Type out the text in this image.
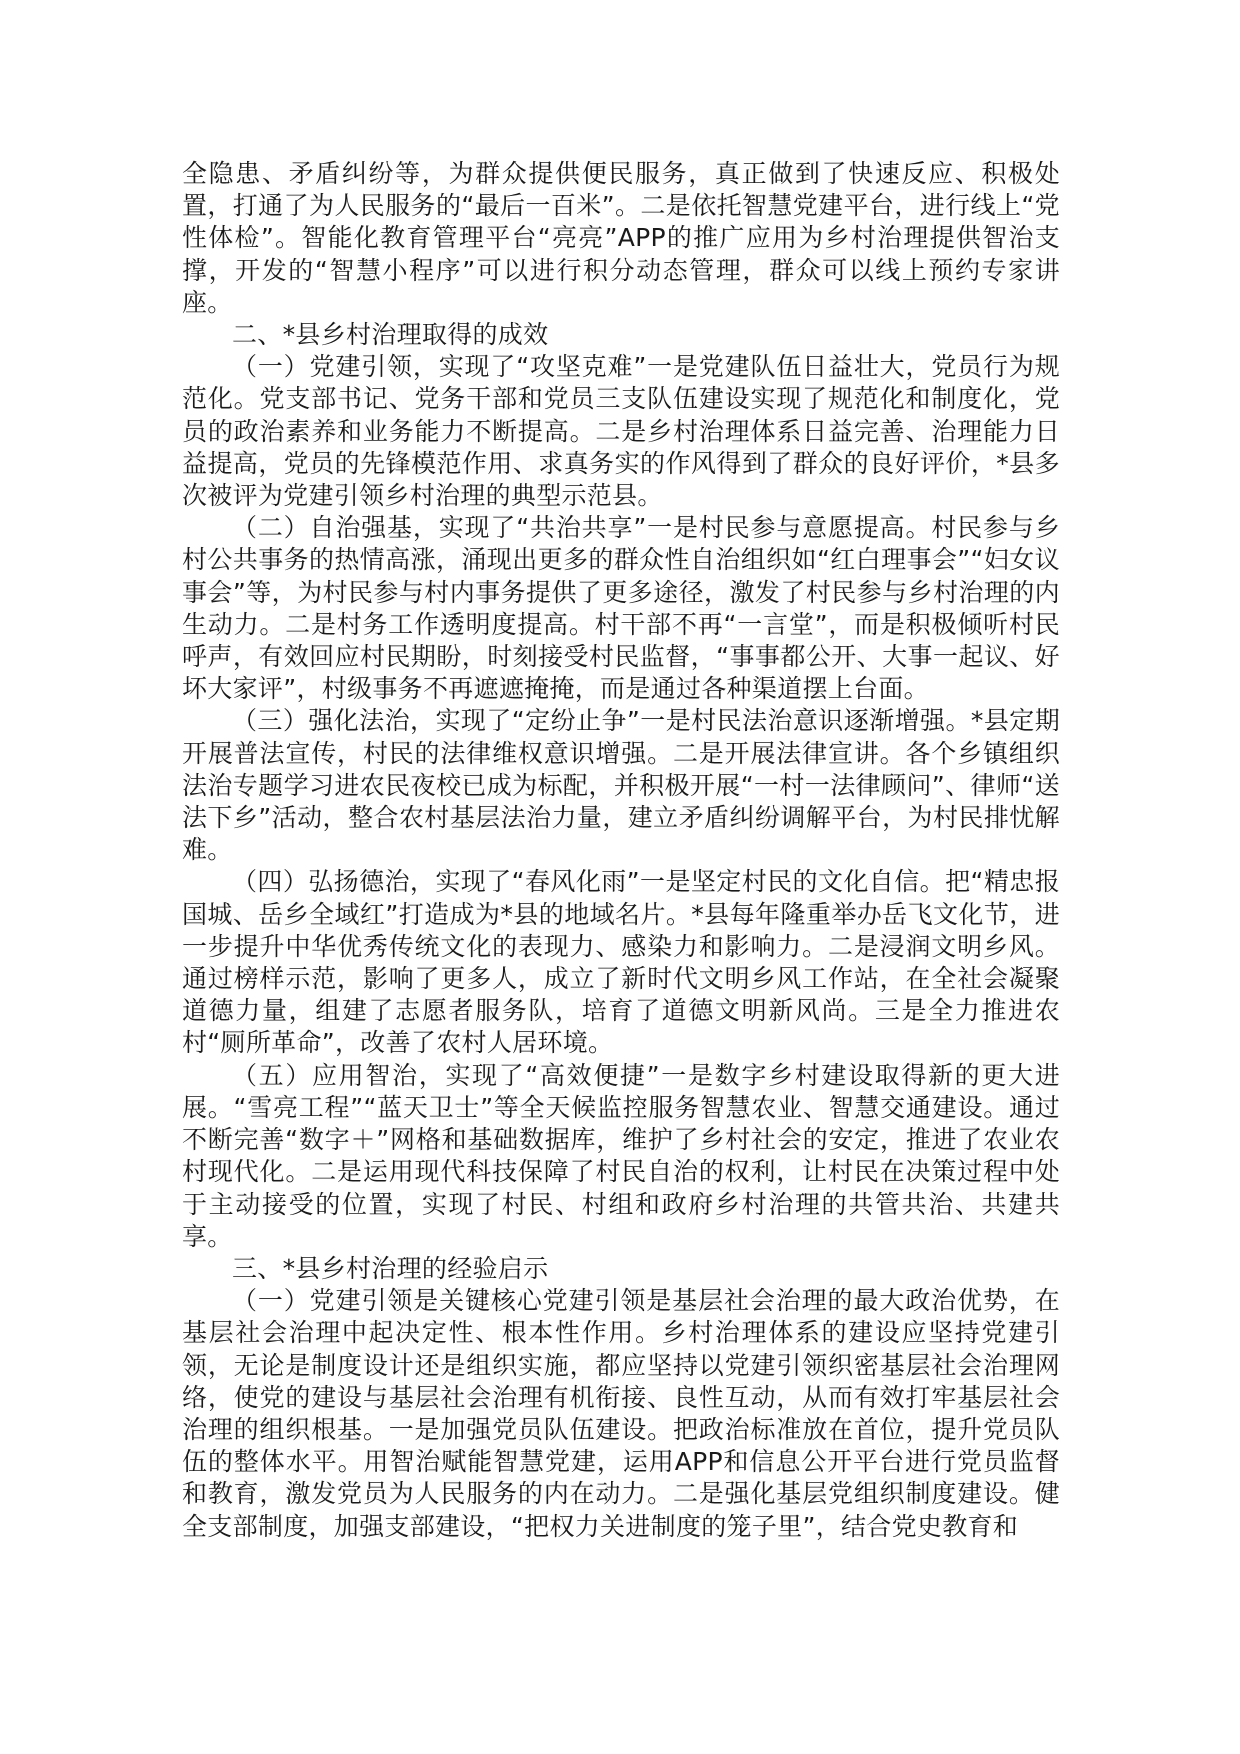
全隐患、矛盾纠纷等，为群众提供便民服务，真正做到了快速反应、积极处置，打通了为人民服务的“最后一百米”。二是依托智慧党建平台，进行线上“党性体检”。智能化教育管理平台“亮亮”APP的推广应用为乡村治理提供智治支撑，开发的“智慧小程序”可以进行积分动态管理，群众可以线上预约专家讲座。

二、*县乡村治理取得的成效

（一）党建引领，实现了“攻坚克难”一是党建队伍日益壮大，党员行为规范化。党支部书记、党务干部和党员三支队伍建设实现了规范化和制度化，党员的政治素养和业务能力不断提高。二是乡村治理体系日益完善、治理能力日益提高，党员的先锋模范作用、求真务实的作风得到了群众的良好评价，*县多次被评为党建引领乡村治理的典型示范县。

（二）自治强基，实现了“共治共享”一是村民参与意愿提高。村民参与乡村公共事务的热情高涨，涌现出更多的群众性自治组织如“红白理事会”“妇女议事会”等，为村民参与村内事务提供了更多途径，激发了村民参与乡村治理的内生动力。二是村务工作透明度提高。村干部不再“一言堂”，而是积极倾听村民呼声，有效回应村民期盼，时刻接受村民监督，“事事都公开、大事一起议、好坏大家评”，村级事务不再遮遮掩掩，而是通过各种渠道摆上台面。

（三）强化法治，实现了“定纷止争”一是村民法治意识逐渐增强。*县定期开展普法宣传，村民的法律维权意识增强。二是开展法律宣讲。各个乡镇组织法治专题学习进农民夜校已成为标配，并积极开展“一村一法律顾问”、律师“送法下乡”活动，整合农村基层法治力量，建立矛盾纠纷调解平台，为村民排忧解难。

（四）弘扬德治，实现了“春风化雨”一是坚定村民的文化自信。把“精忠报国城、岳乡全域红”打造成为*县的地域名片。*县每年隆重举办岳飞文化节，进一步提升中华优秀传统文化的表现力、感染力和影响力。二是浸润文明乡风。通过榜样示范，影响了更多人，成立了新时代文明乡风工作站，在全社会凝聚道德力量，组建了志愿者服务队，培育了道德文明新风尚。三是全力推进农村“厕所革命”，改善了农村人居环境。

（五）应用智治，实现了“高效便捷”一是数字乡村建设取得新的更大进展。“雪亮工程”“蓝天卫士”等全天候监控服务智慧农业、智慧交通建设。通过不断完善“数字＋”网格和基础数据库，维护了乡村社会的安定，推进了农业农村现代化。二是运用现代科技保障了村民自治的权利，让村民在决策过程中处于主动接受的位置，实现了村民、村组和政府乡村治理的共管共治、共建共享。

三、*县乡村治理的经验启示

（一）党建引领是关键核心党建引领是基层社会治理的最大政治优势，在基层社会治理中起决定性、根本性作用。乡村治理体系的建设应坚持党建引领，无论是制度设计还是组织实施，都应坚持以党建引领织密基层社会治理网络，使党的建设与基层社会治理有机衔接、良性互动，从而有效打牢基层社会治理的组织根基。一是加强党员队伍建设。把政治标准放在首位，提升党员队伍的整体水平。用智治赋能智慧党建，运用APP和信息公开平台进行党员监督和教育，激发党员为人民服务的内在动力。二是强化基层党组织制度建设。健全支部制度，加强支部建设，“把权力关进制度的笼子里”，结合党史教育和
